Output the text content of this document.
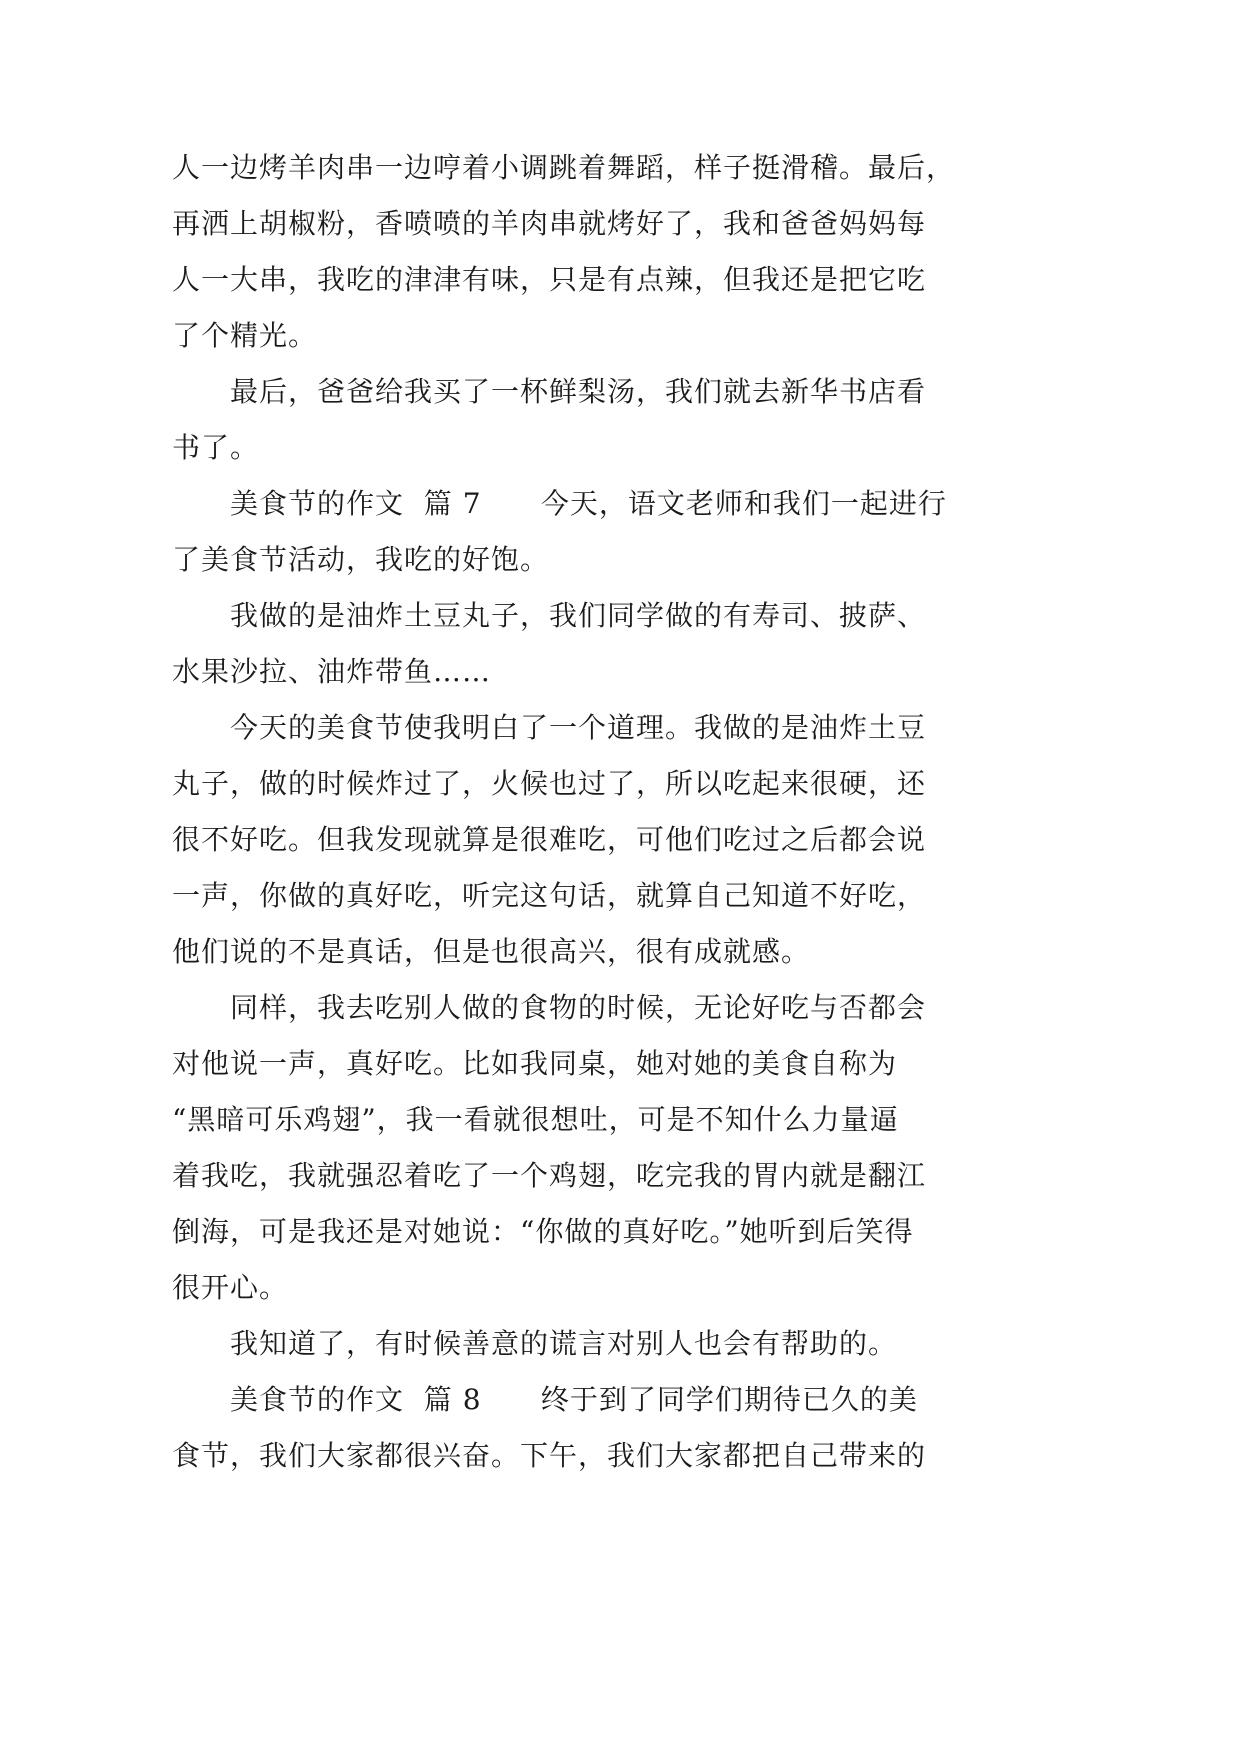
人一边烤羊肉串一边哼着小调跳着舞蹈，样子挺滑稽。最后，
再洒上胡椒粉，香喷喷的羊肉串就烤好了，我和爸爸妈妈每
人一大串，我吃的津津有味，只是有点辣，但我还是把它吃
了个精光。
最后，爸爸给我买了一杯鲜梨汤，我们就去新华书店看
书了。
美食节的作文  篇 7      今天，语文老师和我们一起进行
了美食节活动，我吃的好饱。
我做的是油炸土豆丸子，我们同学做的有寿司、披萨、
水果沙拉、油炸带鱼……
今天的美食节使我明白了一个道理。我做的是油炸土豆
丸子，做的时候炸过了，火候也过了，所以吃起来很硬，还
很不好吃。但我发现就算是很难吃，可他们吃过之后都会说
一声，你做的真好吃，听完这句话，就算自己知道不好吃，
他们说的不是真话，但是也很高兴，很有成就感。
同样，我去吃别人做的食物的时候，无论好吃与否都会
对他说一声，真好吃。比如我同桌，她对她的美食自称为
“黑暗可乐鸡翅”，我一看就很想吐，可是不知什么力量逼
着我吃，我就强忍着吃了一个鸡翅，吃完我的胃内就是翻江
倒海，可是我还是对她说：“你做的真好吃。”她听到后笑得
很开心。
我知道了，有时候善意的谎言对别人也会有帮助的。
美食节的作文  篇 8      终于到了同学们期待已久的美
食节，我们大家都很兴奋。下午，我们大家都把自己带来的
